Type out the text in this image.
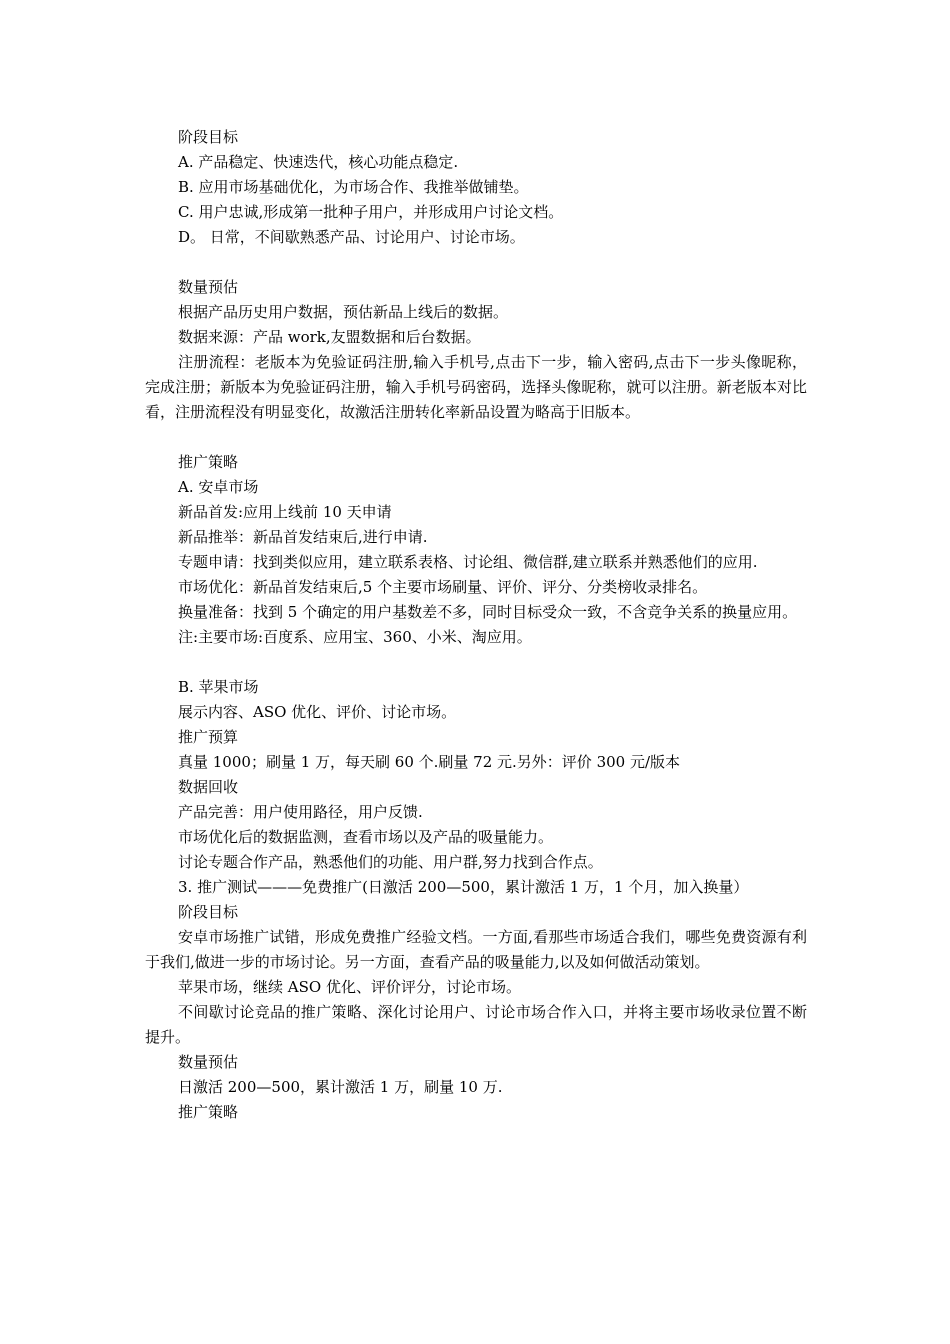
阶段目标

A. 产品稳定、快速迭代，核心功能点稳定.

B. 应用市场基础优化，为市场合作、我推举做铺垫。

C. 用户忠诚,形成第一批种子用户，并形成用户讨论文档。

D。 日常，不间歇熟悉产品、讨论用户、讨论市场。

数量预估

根据产品历史用户数据，预估新品上线后的数据。

数据来源：产品 work,友盟数据和后台数据。

注册流程：老版本为免验证码注册,输入手机号,点击下一步，输入密码,点击下一步头像昵称，完成注册；新版本为免验证码注册，输入手机号码密码，选择头像昵称，就可以注册。新老版本对比看，注册流程没有明显变化，故激活注册转化率新品设置为略高于旧版本。

推广策略

A. 安卓市场

新品首发:应用上线前 10 天申请

新品推举：新品首发结束后,进行申请.

专题申请：找到类似应用，建立联系表格、讨论组、微信群,建立联系并熟悉他们的应用.

市场优化：新品首发结束后,5 个主要市场刷量、评价、评分、分类榜收录排名。

换量准备：找到 5 个确定的用户基数差不多，同时目标受众一致，不含竞争关系的换量应用。

注:主要市场:百度系、应用宝、360、小米、淘应用。

B. 苹果市场

展示内容、ASO 优化、评价、讨论市场。

推广预算

真量 1000；刷量 1 万，每天刷 60 个.刷量 72 元.另外：评价 300 元/版本

数据回收

产品完善：用户使用路径，用户反馈.

市场优化后的数据监测，查看市场以及产品的吸量能力。

讨论专题合作产品，熟悉他们的功能、用户群,努力找到合作点。

3. 推广测试———免费推广(日激活 200—500，累计激活 1 万，1 个月，加入换量）

阶段目标

安卓市场推广试错，形成免费推广经验文档。一方面,看那些市场适合我们，哪些免费资源有利于我们,做进一步的市场讨论。另一方面，查看产品的吸量能力,以及如何做活动策划。

苹果市场，继续 ASO 优化、评价评分，讨论市场。

不间歇讨论竞品的推广策略、深化讨论用户、讨论市场合作入口，并将主要市场收录位置不断提升。

数量预估

日激活 200—500，累计激活 1 万，刷量 10 万.

推广策略
